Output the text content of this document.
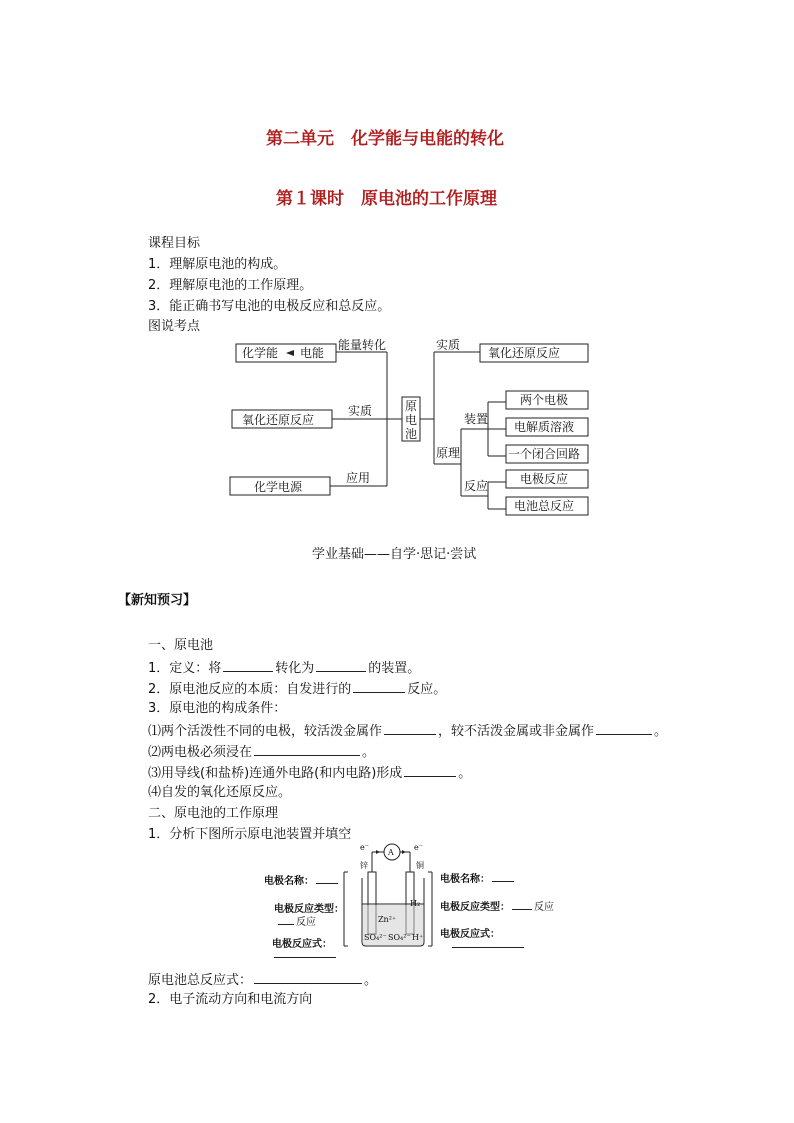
第二单元　化学能与电能的转化
第１课时　原电池的工作原理
课程目标
1．理解原电池的构成。
2．理解原电池的工作原理。
3．能正确书写电池的电极反应和总反应。
图说考点
化学能 电能
氧化还原反应
化学电源
能量转化
实质
应用
原
电
池
实质
原理
装置
反应
氧化还原反应
两个电极
电解质溶液
一个闭合回路
电极反应
电池总反应
学业基础——自学·思记·尝试
【新知预习】
一、原电池
1．定义：将	转化为	的装置。
2．原电池反应的本质：自发进行的	反应。
3．原电池的构成条件：
⑴两个活泼性不同的电极，较活泼金属作	，较不活泼金属或非金属作	。
⑵两电极必须浸在	。
⑶用导线(和盐桥)连通外电路(和内电路)形成	。
⑷自发的氧化还原反应。
二、原电池的工作原理
1．分析下图所示原电池装置并填空
电极名称：
电极反应类型：
反应
电极反应式：
A
e⁻	e⁻
锌	铜
Zn²⁺
SO₄²⁻ SO₄²⁻ H⁺
H₂
电极名称：
电极反应类型： 反应
电极反应式：
原电池总反应式：	。
2．电子流动方向和电流方向
